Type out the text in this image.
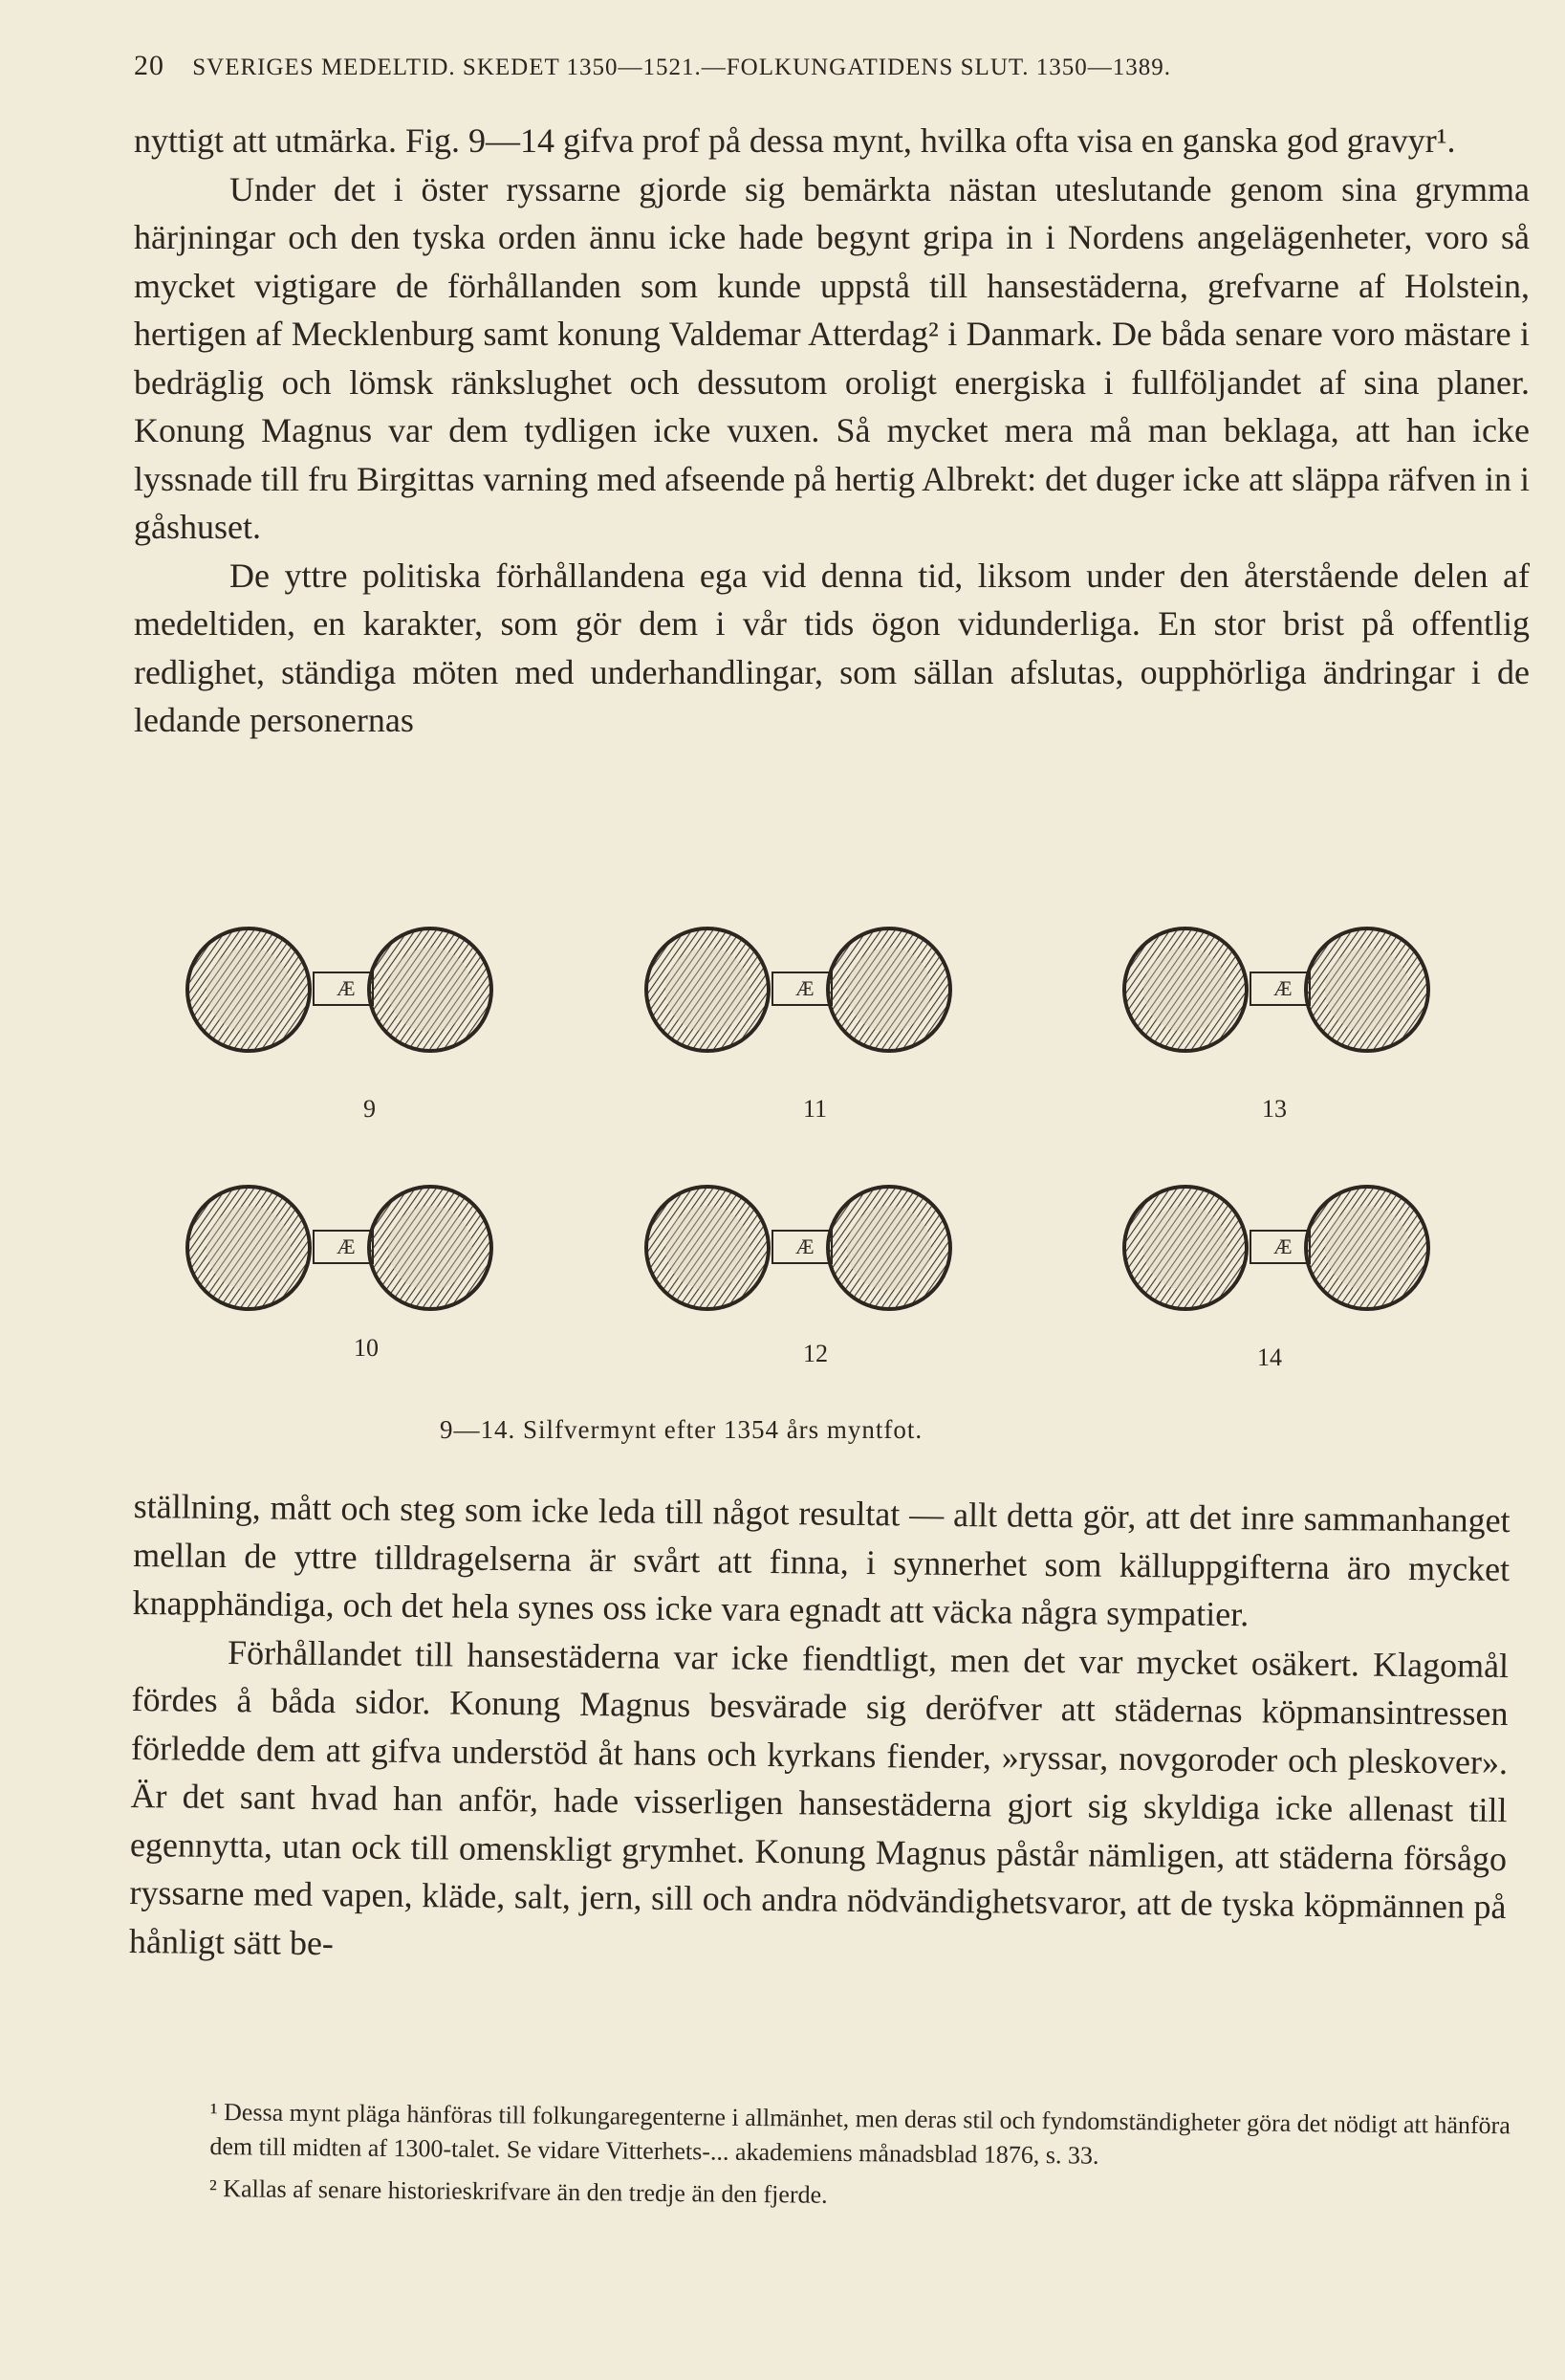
20 SVERIGES MEDELTID. SKEDET 1350—1521.—FOLKUNGATIDENS SLUT. 1350—1389.

nyttigt att utmärka. Fig. 9—14 gifva prof på dessa mynt, hvilka ofta visa en ganska god gravyr¹.

Under det i öster ryssarne gjorde sig bemärkta nästan uteslutande genom sina grymma härjningar och den tyska orden ännu icke hade begynt gripa in i Nordens angelägenheter, voro så mycket vigtigare de förhållanden som kunde uppstå till hansestäderna, grefvarne af Holstein, hertigen af Mecklenburg samt konung Valdemar Atterdag² i Danmark. De båda senare voro mästare i bedräglig och lömsk ränkslughet och dessutom oroligt energiska i fullföljandet af sina planer. Konung Magnus var dem tydligen icke vuxen. Så mycket mera må man beklaga, att han icke lyssnade till fru Birgittas varning med afseende på hertig Albrekt: det duger icke att släppa räfven in i gåshuset.

De yttre politiska förhållandena ega vid denna tid, liksom under den återstående delen af medeltiden, en karakter, som gör dem i vår tids ögon vidunderliga. En stor brist på offentlig redlighet, ständiga möten med underhandlingar, som sällan afslutas, oupphörliga ändringar i de ledande personernas

Æ
9
Æ
11
Æ
13
Æ
10
Æ
12
Æ
14
9—14. Silfvermynt efter 1354 års myntfot.

ställning, mått och steg som icke leda till något resultat — allt detta gör, att det inre sammanhanget mellan de yttre tilldragelserna är svårt att finna, i synnerhet som källuppgifterna äro mycket knapphändiga, och det hela synes oss icke vara egnadt att väcka några sympatier.

Förhållandet till hansestäderna var icke fiendtligt, men det var mycket osäkert. Klagomål fördes å båda sidor. Konung Magnus besvärade sig deröfver att städernas köpmansintressen förledde dem att gifva understöd åt hans och kyrkans fiender, »ryssar, novgoroder och pleskover». Är det sant hvad han anför, hade visserligen hansestäderna gjort sig skyldiga icke allenast till egennytta, utan ock till omenskligt grymhet. Konung Magnus påstår nämligen, att städerna försågo ryssarne med vapen, kläde, salt, jern, sill och andra nödvändighetsvaror, att de tyska köpmännen på hånligt sätt be-

¹ Dessa mynt pläga hänföras till folkungaregenterne i allmänhet, men deras stil och fyndomständigheter göra det nödigt att hänföra dem till midten af 1300-talet. Se vidare Vitterhets-... akademiens månadsblad 1876, s. 33.

² Kallas af senare historieskrifvare än den tredje än den fjerde.
